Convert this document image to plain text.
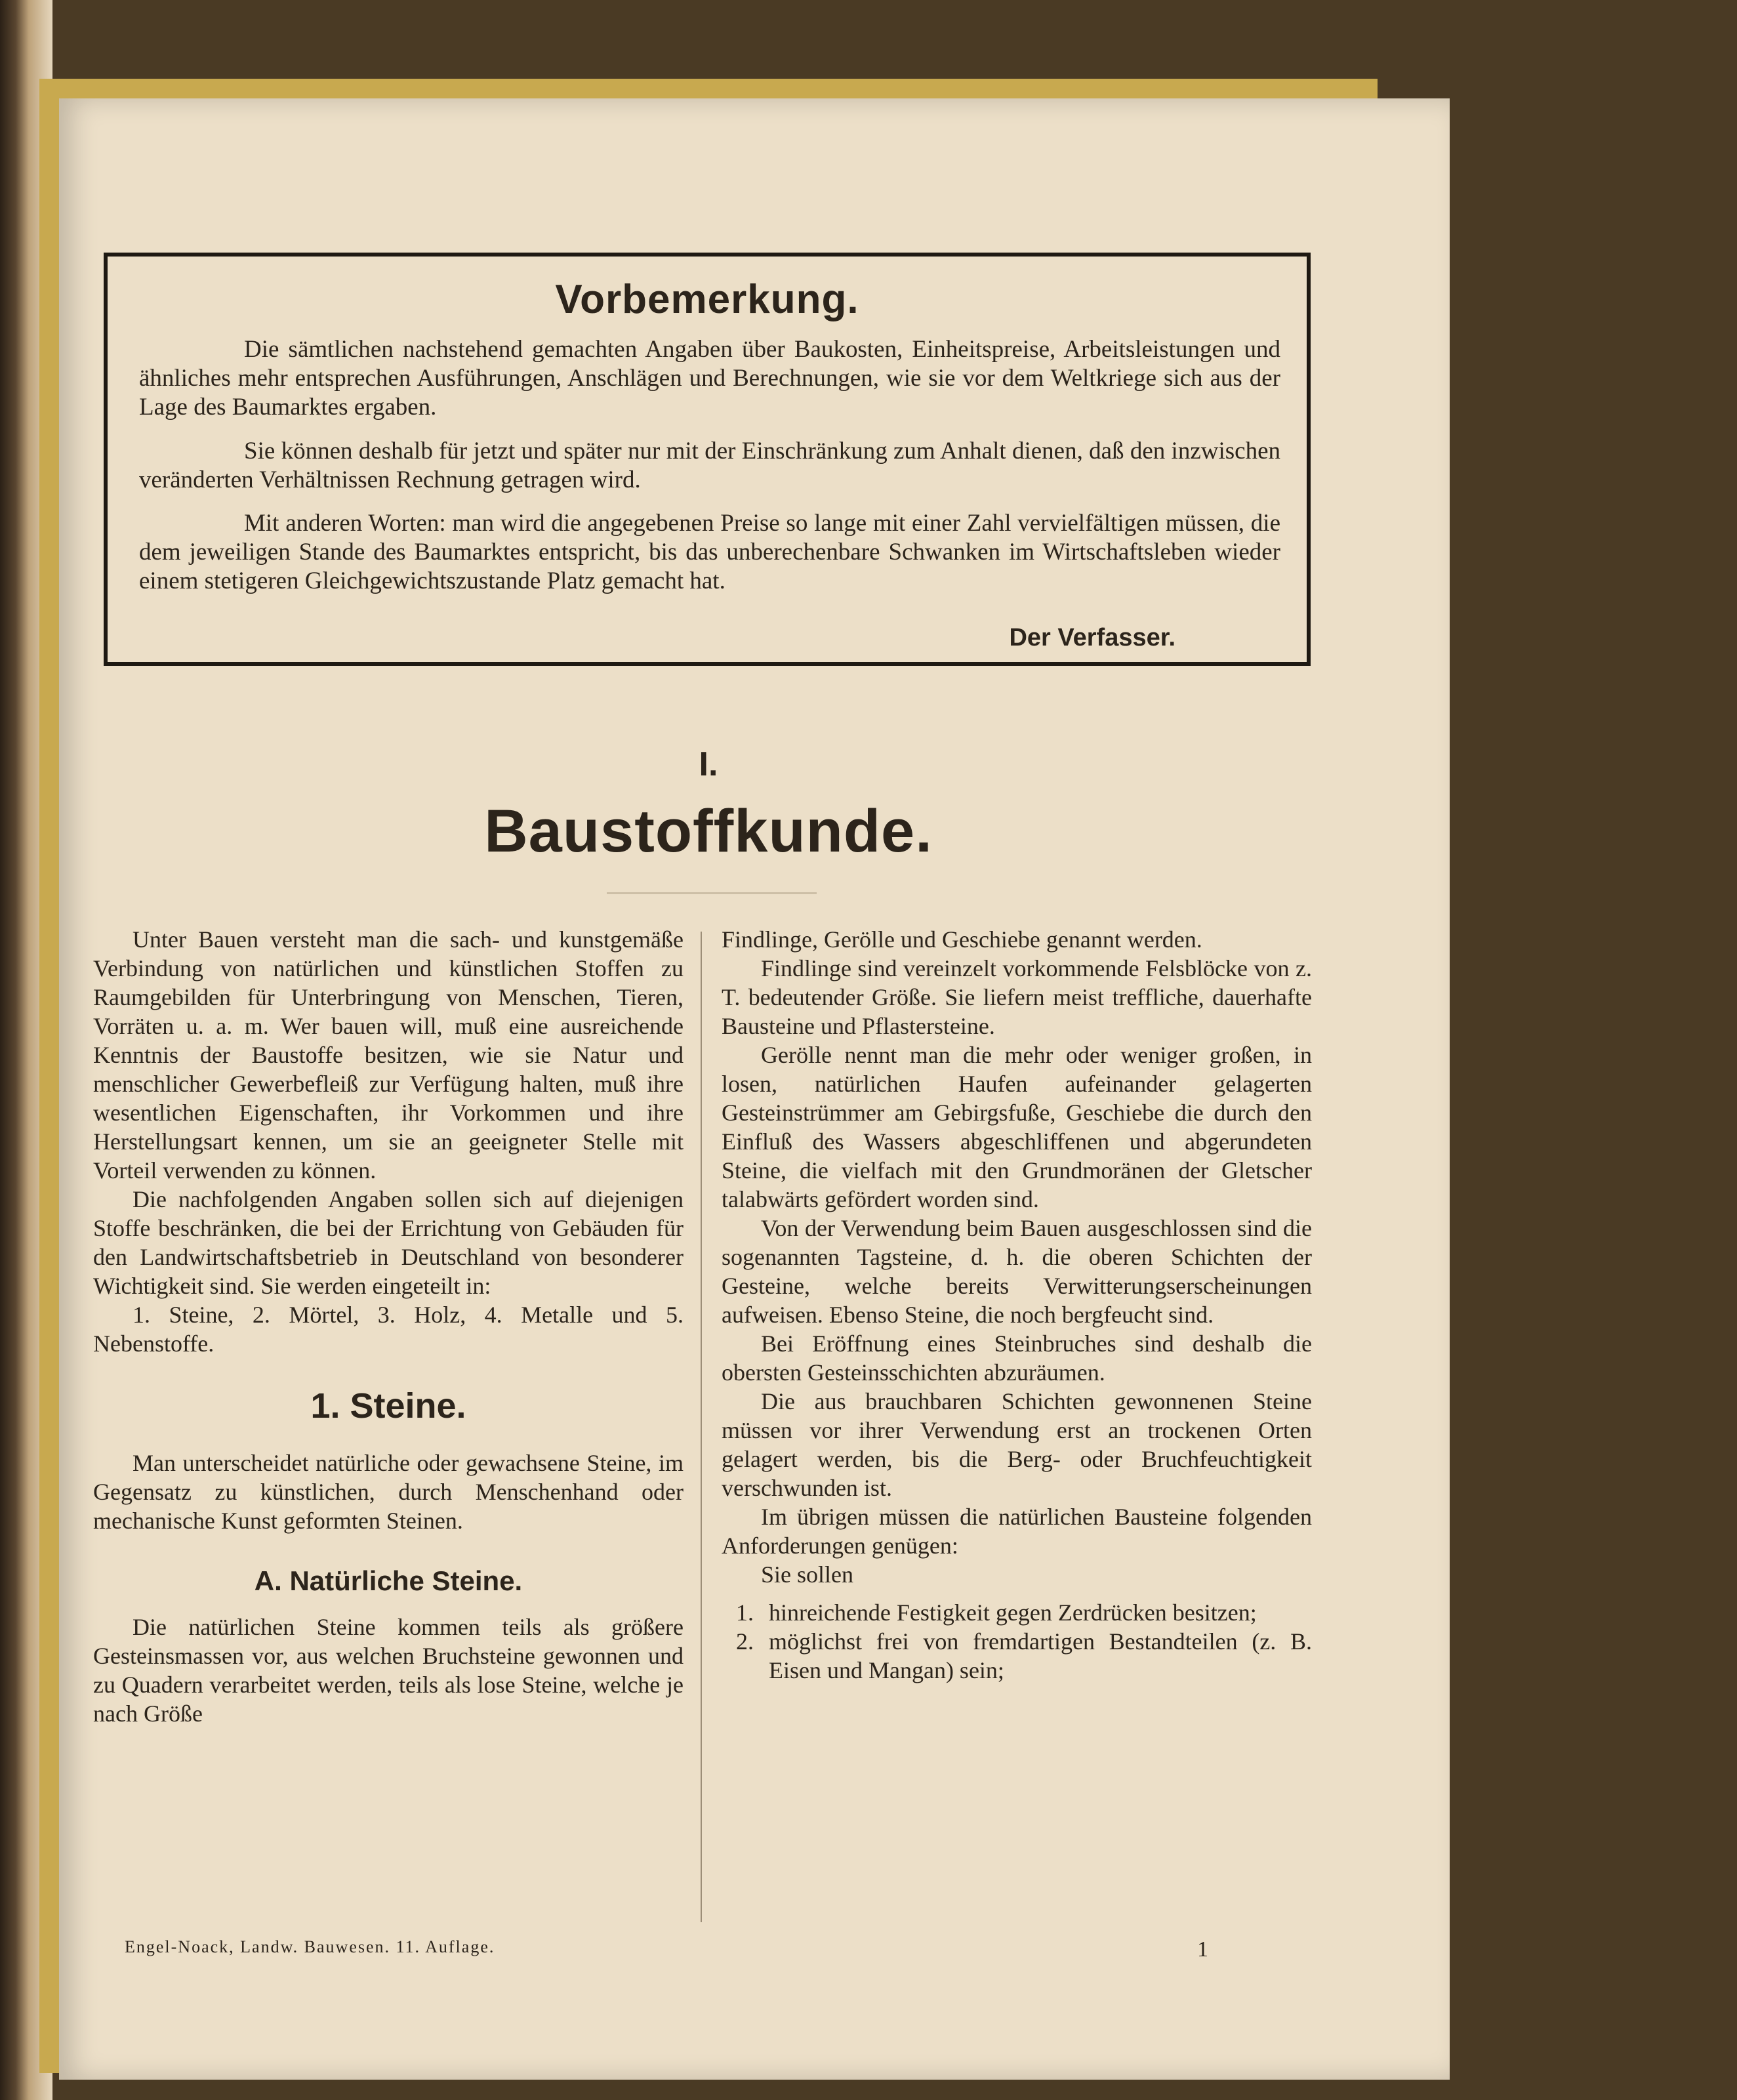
Vorbemerkung.

Die sämtlichen nachstehend gemachten Angaben über Baukosten, Einheitspreise, Arbeitsleistungen und ähnliches mehr entsprechen Ausführungen, Anschlägen und Berechnungen, wie sie vor dem Weltkriege sich aus der Lage des Baumarktes ergaben.

Sie können deshalb für jetzt und später nur mit der Einschränkung zum Anhalt dienen, daß den inzwischen veränderten Verhältnissen Rechnung getragen wird.

Mit anderen Worten: man wird die angegebenen Preise so lange mit einer Zahl vervielfältigen müssen, die dem jeweiligen Stande des Baumarktes entspricht, bis das unberechenbare Schwanken im Wirtschaftsleben wieder einem stetigeren Gleichgewichtszustande Platz gemacht hat.

Der Verfasser.
I.
Baustoffkunde.

Unter Bauen versteht man die sach- und kunstgemäße Verbindung von natürlichen und künstlichen Stoffen zu Raumgebilden für Unterbringung von Menschen, Tieren, Vorräten u. a. m. Wer bauen will, muß eine ausreichende Kenntnis der Baustoffe besitzen, wie sie Natur und menschlicher Gewerbefleiß zur Verfügung halten, muß ihre wesentlichen Eigenschaften, ihr Vorkommen und ihre Herstellungsart kennen, um sie an geeigneter Stelle mit Vorteil verwenden zu können.

Die nachfolgenden Angaben sollen sich auf diejenigen Stoffe beschränken, die bei der Errichtung von Gebäuden für den Landwirtschaftsbetrieb in Deutschland von besonderer Wichtigkeit sind. Sie werden eingeteilt in:

1. Steine, 2. Mörtel, 3. Holz, 4. Metalle und 5. Nebenstoffe.

1. Steine.

Man unterscheidet natürliche oder gewachsene Steine, im Gegensatz zu künstlichen, durch Menschenhand oder mechanische Kunst geformten Steinen.

A. Natürliche Steine.

Die natürlichen Steine kommen teils als größere Gesteinsmassen vor, aus welchen Bruchsteine gewonnen und zu Quadern verarbeitet werden, teils als lose Steine, welche je nach Größe

Findlinge, Gerölle und Geschiebe genannt werden.

Findlinge sind vereinzelt vorkommende Felsblöcke von z. T. bedeutender Größe. Sie liefern meist treffliche, dauerhafte Bausteine und Pflastersteine.

Gerölle nennt man die mehr oder weniger großen, in losen, natürlichen Haufen aufeinander gelagerten Gesteinstrümmer am Gebirgsfuße, Geschiebe die durch den Einfluß des Wassers abgeschliffenen und abgerundeten Steine, die vielfach mit den Grundmoränen der Gletscher talabwärts gefördert worden sind.

Von der Verwendung beim Bauen ausgeschlossen sind die sogenannten Tagsteine, d. h. die oberen Schichten der Gesteine, welche bereits Verwitterungserscheinungen aufweisen. Ebenso Steine, die noch bergfeucht sind.

Bei Eröffnung eines Steinbruches sind deshalb die obersten Gesteinsschichten abzuräumen.

Die aus brauchbaren Schichten gewonnenen Steine müssen vor ihrer Verwendung erst an trockenen Orten gelagert werden, bis die Berg- oder Bruchfeuchtigkeit verschwunden ist.

Im übrigen müssen die natürlichen Bausteine folgenden Anforderungen genügen:

Sie sollen

1. hinreichende Festigkeit gegen Zerdrücken besitzen;
2. möglichst frei von fremdartigen Bestandteilen (z. B. Eisen und Mangan) sein;
Engel-Noack, Landw. Bauwesen. 11. Auflage.	1
